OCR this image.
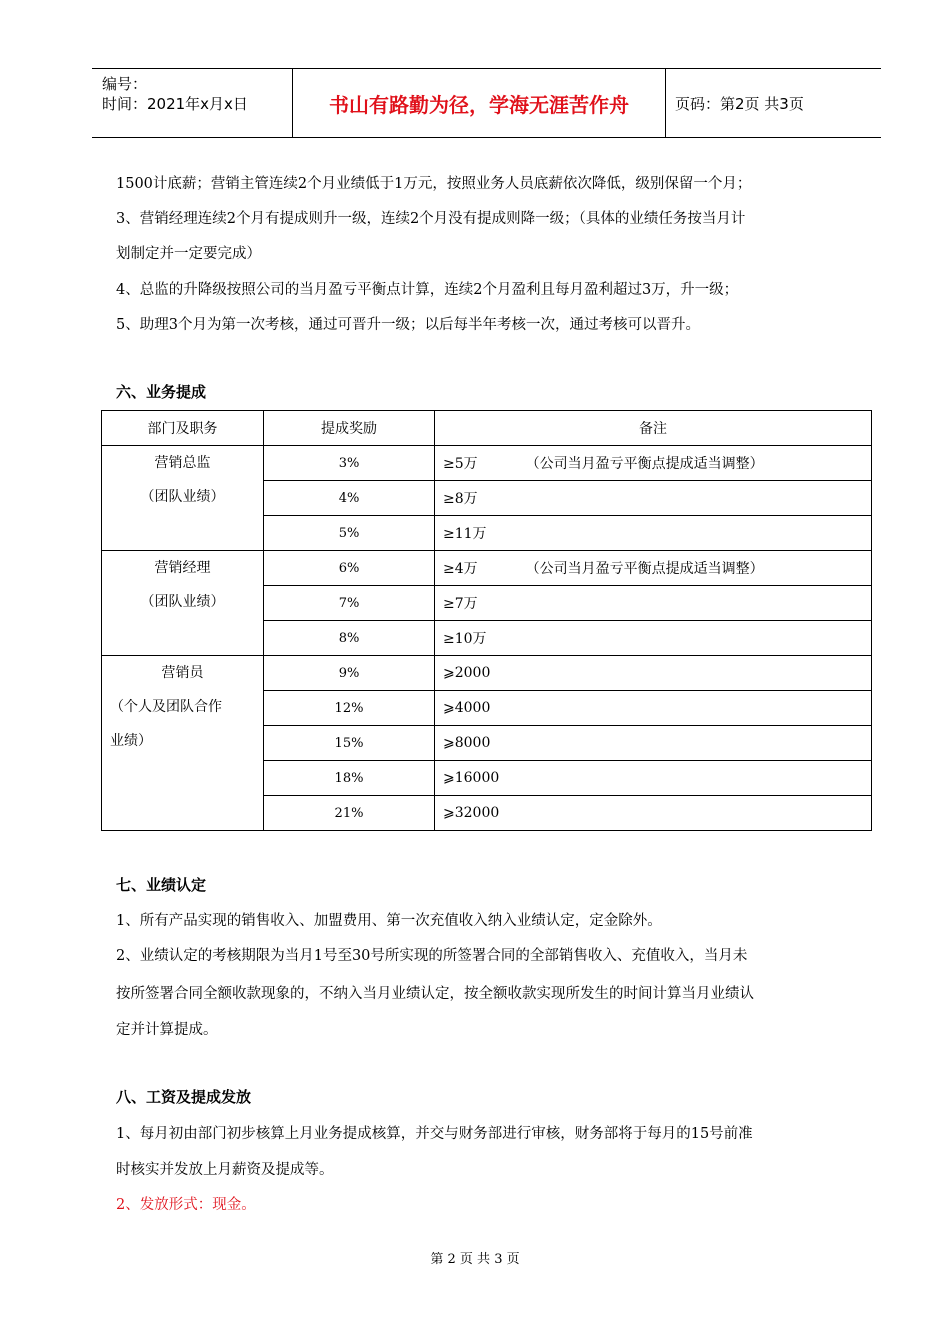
编号：
时间：2021年x月x日	书山有路勤为径，学海无涯苦作舟	页码：第2页 共3页
1500计底薪；营销主管连续2个月业绩低于1万元，按照业务人员底薪依次降低，级别保留一个月；
3、营销经理连续2个月有提成则升一级，连续2个月没有提成则降一级；（具体的业绩任务按当月计
划制定并一定要完成）
4、总监的升降级按照公司的当月盈亏平衡点计算，连续2个月盈利且每月盈利超过3万，升一级；
5、助理3个月为第一次考核，通过可晋升一级；以后每半年考核一次，通过考核可以晋升。
六、业务提成
部门及职务	提成奖励	备注

营销总监
（团队业绩）	3%	≥5万 （公司当月盈亏平衡点提成适当调整）
	4%	≥8万
	5%	≥11万

营销经理
（团队业绩）	6%	≥4万 （公司当月盈亏平衡点提成适当调整）
	7%	≥7万
	8%	≥10万

营销员
（个人及团队合作
业绩）	9%	⩾2000
	12%	⩾4000
	15%	⩾8000
	18%	⩾16000
	21%	⩾32000
七、业绩认定
1、所有产品实现的销售收入、加盟费用、第一次充值收入纳入业绩认定，定金除外。
2、业绩认定的考核期限为当月1号至30号所实现的所签署合同的全部销售收入、充值收入，当月未
按所签署合同全额收款现象的，不纳入当月业绩认定，按全额收款实现所发生的时间计算当月业绩认
定并计算提成。
八、工资及提成发放
1、每月初由部门初步核算上月业务提成核算，并交与财务部进行审核，财务部将于每月的15号前准
时核实并发放上月薪资及提成等。
2、发放形式：现金。
第 2 页 共 3 页
